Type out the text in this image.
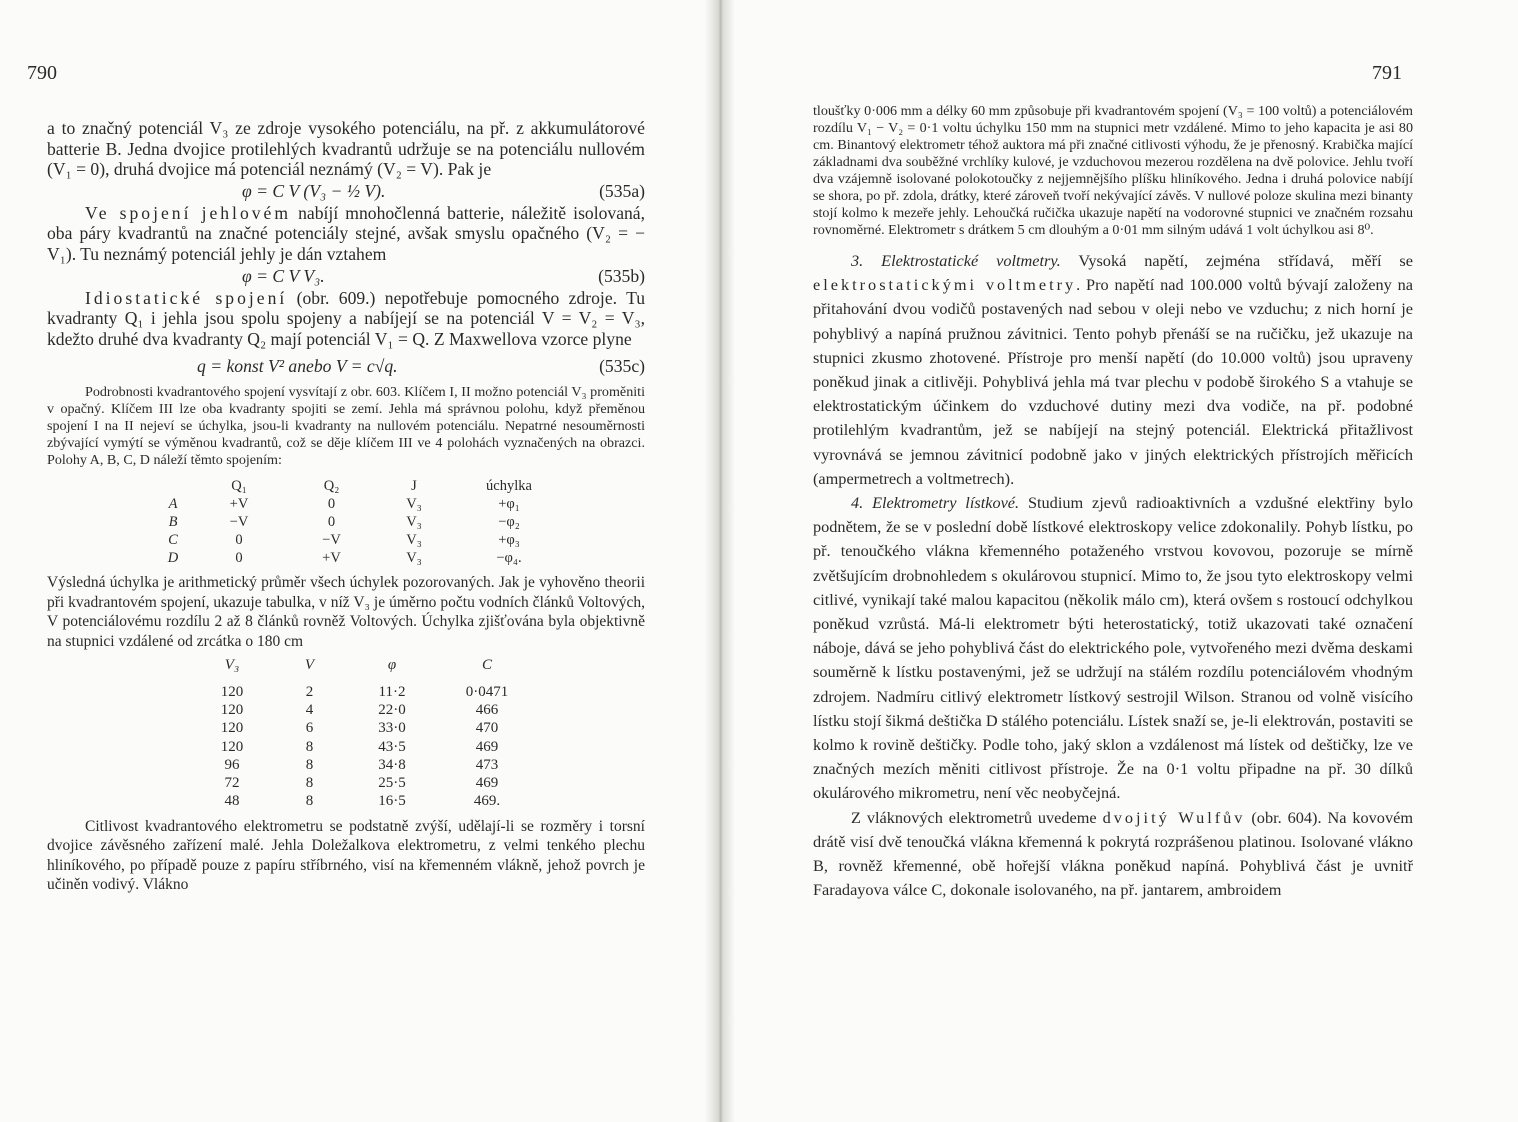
790

a to značný potenciál V₃ ze zdroje vysokého potenciálu, na př. z akkumulátorové batterie B. Jedna dvojice protilehlých kvadrantů udržuje se na potenciálu nullovém (V₁ = 0), druhá dvojice má potenciál neznámý (V₂ = V). Pak je

φ = C V (V₃ − ½ V).	(535a)

Ve spojení jehlovém nabíjí mnohočlenná batterie, náležitě isolovaná, oba páry kvadrantů na značné potenciály stejné, avšak smyslu opačného (V₂ = − V₁). Tu neznámý potenciál jehly je dán vztahem

φ = C V V₃.	(535b)

Idiostatické spojení (obr. 609.) nepotřebuje pomocného zdroje. Tu kvadranty Q₁ i jehla jsou spolu spojeny a nabíjejí se na potenciál V = V₂ = V₃, kdežto druhé dva kvadranty Q₂ mají potenciál V₁ = Q. Z Maxwellova vzorce plyne

q = konst V² anebo V = c√q.	(535c)

Podrobnosti kvadrantového spojení vysvítají z obr. 603. Klíčem I, II možno potenciál V₃ proměniti v opačný. Klíčem III lze oba kvadranty spojiti se zemí. Jehla má správnou polohu, když přeměnou spojení I na II nejeví se úchylka, jsou-li kvadranty na nullovém potenciálu. Nepatrné nesouměrnosti zbývající vymýtí se výměnou kvadrantů, což se děje klíčem III ve 4 polohách vyznačených na obrazci. Polohy A, B, C, D náleží těmto spojením:

	Q₁	Q₂	J	úchylka
A	+V	0	V₃	+φ₁
B	−V	0	V₃	−φ₂
C	0	−V	V₃	+φ₃
D	0	+V	V₃	−φ₄.

Výsledná úchylka je arithmetický průměr všech úchylek pozorovaných. Jak je vyhověno theorii při kvadrantovém spojení, ukazuje tabulka, v níž V₃ je úměrno počtu vodních článků Voltových, V potenciálovému rozdílu 2 až 8 článků rovněž Voltových. Úchylka zjišťována byla objektivně na stupnici vzdálené od zrcátka o 180 cm

V₃	V	φ	C
120	2	11·2	0·0471
120	4	22·0	466
120	6	33·0	470
120	8	43·5	469
96	8	34·8	473
72	8	25·5	469
48	8	16·5	469.

Citlivost kvadrantového elektrometru se podstatně zvýší, udělají-li se rozměry i torsní dvojice závěsného zařízení malé. Jehla Doležalkova elektrometru, z velmi tenkého plechu hliníkového, po případě pouze z papíru stříbrného, visí na křemenném vlákně, jehož povrch je učiněn vodivý. Vlákno

791

tloušťky 0·006 mm a délky 60 mm způsobuje při kvadrantovém spojení (V₃ = 100 voltů) a potenciálovém rozdílu V₁ − V₂ = 0·1 voltu úchylku 150 mm na stupnici metr vzdálené. Mimo to jeho kapacita je asi 80 cm. Binantový elektrometr téhož auktora má při značné citlivosti výhodu, že je přenosný. Krabička mající základnami dva souběžné vrchlíky kulové, je vzduchovou mezerou rozdělena na dvě polovice. Jehlu tvoří dva vzájemně isolované polokotoučky z nejjemnějšího plíšku hliníkového. Jedna i druhá polovice nabíjí se shora, po př. zdola, drátky, které zároveň tvoří nekývající závěs. V nullové poloze skulina mezi binanty stojí kolmo k mezeře jehly. Lehoučká ručička ukazuje napětí na vodorovné stupnici ve značném rozsahu rovnoměrné. Elektrometr s drátkem 5 cm dlouhým a 0·01 mm silným udává 1 volt úchylkou asi 8⁰.

3. Elektrostatické voltmetry. Vysoká napětí, zejména střídavá, měří se elektrostatickými voltmetry. Pro napětí nad 100.000 voltů bývají založeny na přitahování dvou vodičů postavených nad sebou v oleji nebo ve vzduchu; z nich horní je pohyblivý a napíná pružnou závitnici. Tento pohyb přenáší se na ručičku, jež ukazuje na stupnici zkusmo zhotovené. Přístroje pro menší napětí (do 10.000 voltů) jsou upraveny poněkud jinak a citlivěji. Pohyblivá jehla má tvar plechu v podobě širokého S a vtahuje se elektrostatickým účinkem do vzduchové dutiny mezi dva vodiče, na př. podobné protilehlým kvadrantům, jež se nabíjejí na stejný potenciál. Elektrická přitažlivost vyrovnává se jemnou závitnicí podobně jako v jiných elektrických přístrojích měřicích (ampermetrech a voltmetrech).

4. Elektrometry lístkové. Studium zjevů radioaktivních a vzdušné elektřiny bylo podnětem, že se v poslední době lístkové elektroskopy velice zdokonalily. Pohyb lístku, po př. tenoučkého vlákna křemenného potaženého vrstvou kovovou, pozoruje se mírně zvětšujícím drobnohledem s okulárovou stupnicí. Mimo to, že jsou tyto elektroskopy velmi citlivé, vynikají také malou kapacitou (několik málo cm), která ovšem s rostoucí odchylkou poněkud vzrůstá. Má-li elektrometr býti heterostatický, totiž ukazovati také označení náboje, dává se jeho pohyblivá část do elektrického pole, vytvořeného mezi dvěma deskami souměrně k lístku postavenými, jež se udržují na stálém rozdílu potenciálovém vhodným zdrojem. Nadmíru citlivý elektrometr lístkový sestrojil Wilson. Stranou od volně visícího lístku stojí šikmá deštička D stálého potenciálu. Lístek snaží se, je-li elektrován, postaviti se kolmo k rovině deštičky. Podle toho, jaký sklon a vzdálenost má lístek od deštičky, lze ve značných mezích měniti citlivost přístroje. Že na 0·1 voltu připadne na př. 30 dílků okulárového mikrometru, není věc neobyčejná.

Z vláknových elektrometrů uvedeme dvojitý Wulfův (obr. 604). Na kovovém drátě visí dvě tenoučká vlákna křemenná k pokrytá rozprášenou platinou. Isolované vlákno B, rovněž křemenné, obě hořejší vlákna poněkud napíná. Pohyblivá část je uvnitř Faradayova válce C, dokonale isolovaného, na př. jantarem, ambroidem
